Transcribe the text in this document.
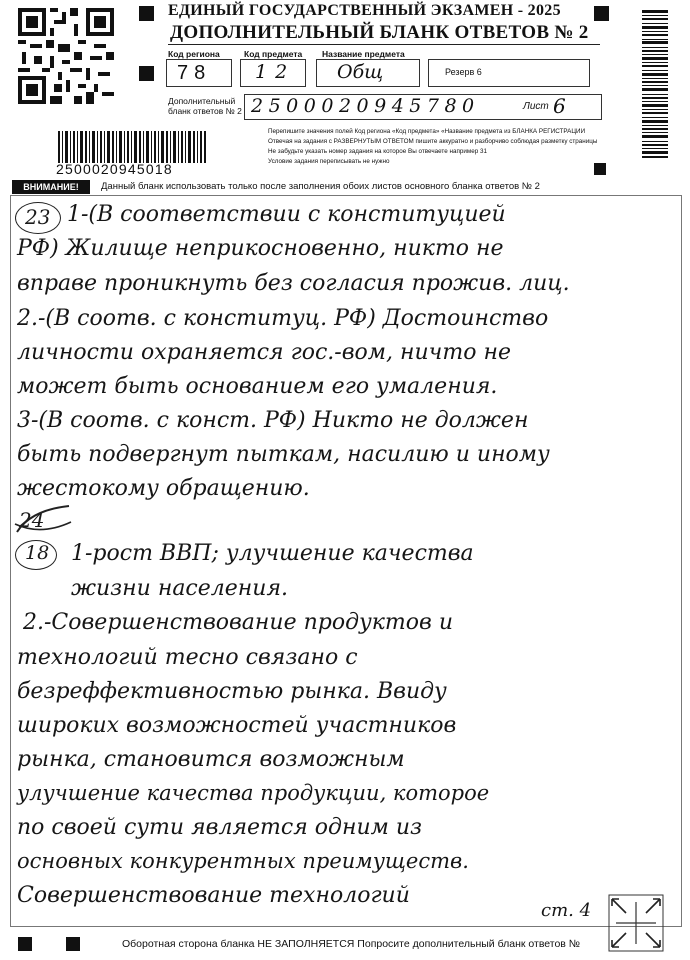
ЕДИНЫЙ ГОСУДАРСТВЕННЫЙ ЭКЗАМЕН - 2025
ДОПОЛНИТЕЛЬНЫЙ БЛАНК ОТВЕТОВ № 2
Код региона	Код предмета Название предмета
78 12 Общ	Резерв 6
Дополнительный
бланк ответов № 2 2500020945780	Лист 6
2500020945018
Перепишите значения полей Код региона «Код предмета» «Название предмета из БЛАНКА РЕГИСТРАЦИИ
Отвечая на задания с РАЗВЕРНУТЫМ ОТВЕТОМ пишите аккуратно и разборчиво соблюдая разметку страницы
Не забудьте указать номер задания на которое Вы отвечаете например 31
Условие задания переписывать не нужно
ВНИМАНИЕ!	Данный бланк использовать только после заполнения обоих листов основного бланка ответов № 2
23 1-(В соответствии с конституцией
РФ) Жилище неприкосновенно, никто не
вправе проникнуть без согласия прожив. лиц.
2.-(В соотв. с конституц. РФ) Достоинство
личности охраняется гос.-вом, ничто не
может быть основанием его умаления.
3-(В соотв. с конст. РФ) Никто не должен
быть подвергнут пыткам, насилию и иному
жестокому обращению.
24
18 1-рост ВВП; улучшение качества
жизни населения.
2.-Совершенствование продуктов и
технологий тесно связано с
безреффективностью рынка. Ввиду
широких возможностей участников
рынка, становится возможным
улучшение качества продукции, которое
по своей сути является одним из
основных конкурентных преимуществ.
Совершенствование технологий
ст. 4
Оборотная сторона бланка НЕ ЗАПОЛНЯЕТСЯ Попросите дополнительный бланк ответов №
